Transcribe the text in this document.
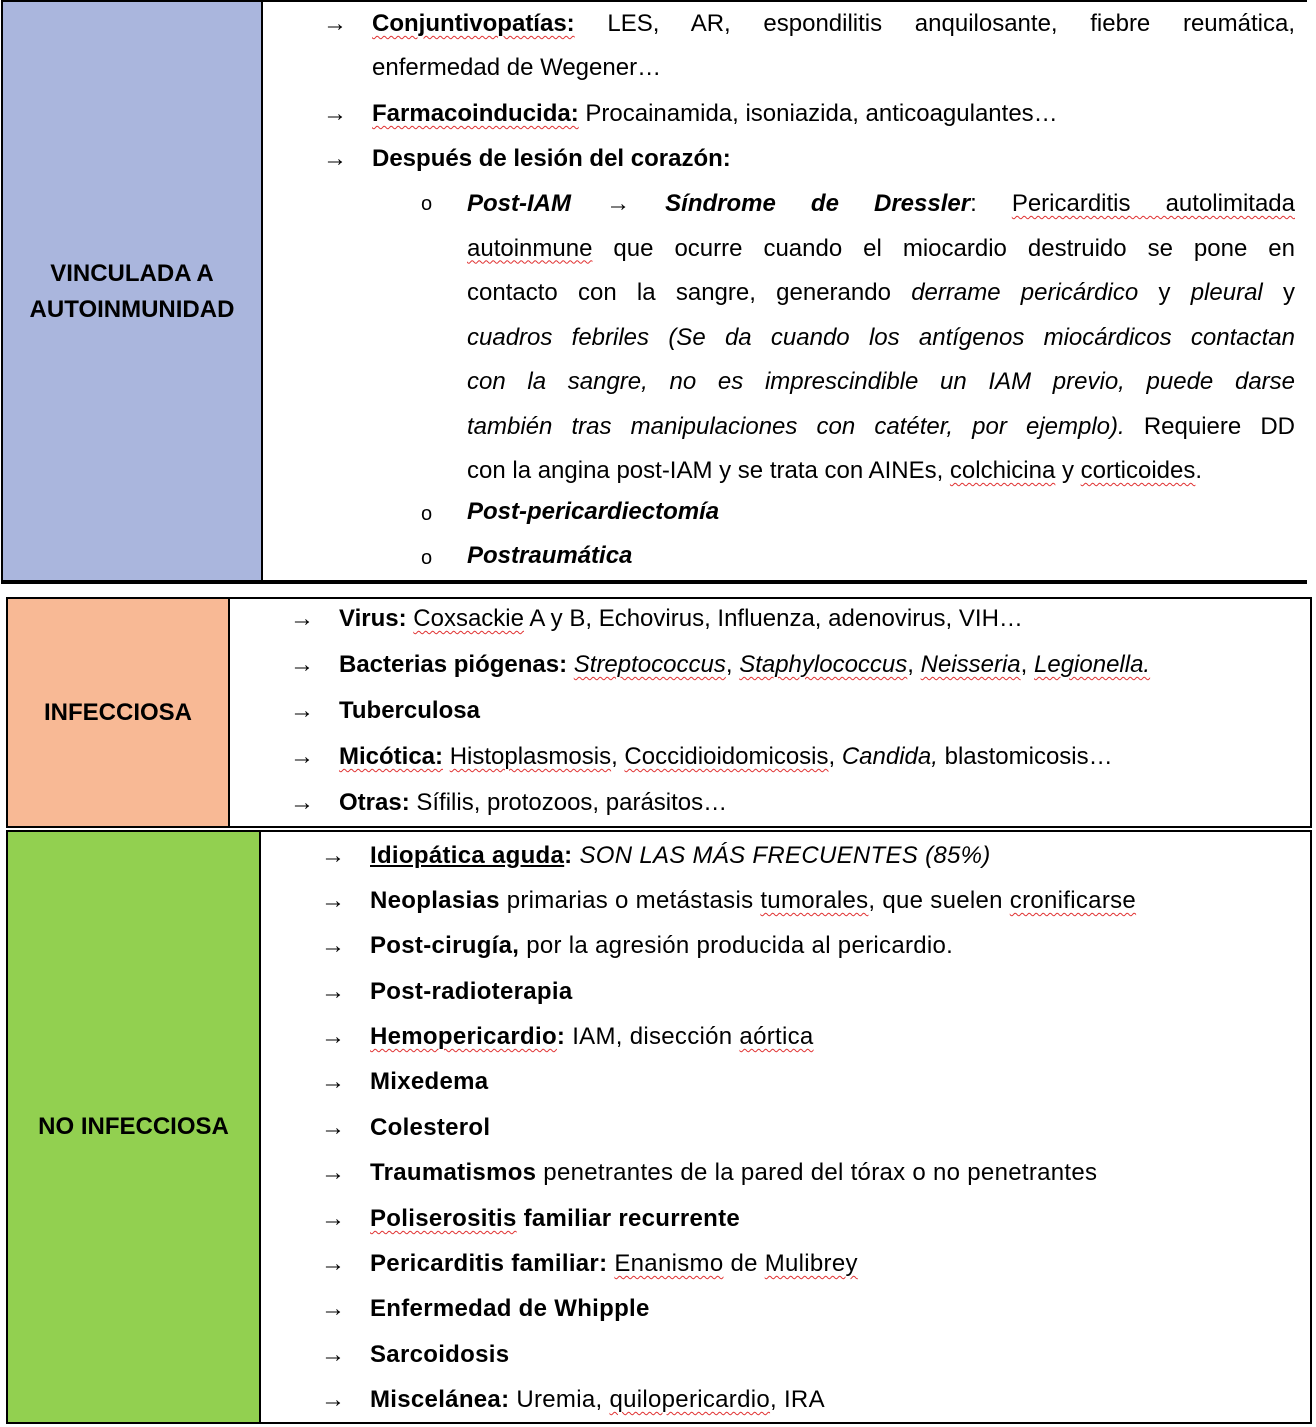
VINCULADA A AUTOINMUNIDAD
→ Conjuntivopatías: LES, AR, espondilitis anquilosante, fiebre reumática,
enfermedad de Wegener…
→ Farmacoinducida: Procainamida, isoniazida, anticoagulantes…
→ Después de lesión del corazón:
o Post-IAM → Síndrome de Dressler: Pericarditis autolimitada
autoinmune que ocurre cuando el miocardio destruido se pone en
contacto con la sangre, generando derrame pericárdico y pleural y
cuadros febriles (Se da cuando los antígenos miocárdicos contactan
con la sangre, no es imprescindible un IAM previo, puede darse
también tras manipulaciones con catéter, por ejemplo). Requiere DD
con la angina post-IAM y se trata con AINEs, colchicina y corticoides.
o Post-pericardiectomía
o Postraumática
INFECCIOSA
→ Virus: Coxsackie A y B, Echovirus, Influenza, adenovirus, VIH…
→ Bacterias piógenas: Streptococcus, Staphylococcus, Neisseria, Legionella.
→ Tuberculosa
→ Micótica: Histoplasmosis, Coccidioidomicosis, Candida, blastomicosis…
→ Otras: Sífilis, protozoos, parásitos…
NO INFECCIOSA
→ Idiopática aguda: SON LAS MÁS FRECUENTES (85%)
→ Neoplasias primarias o metástasis tumorales, que suelen cronificarse
→ Post-cirugía, por la agresión producida al pericardio.
→ Post-radioterapia
→ Hemopericardio: IAM, disección aórtica
→ Mixedema
→ Colesterol
→ Traumatismos penetrantes de la pared del tórax o no penetrantes
→ Poliserositis familiar recurrente
→ Pericarditis familiar: Enanismo de Mulibrey
→ Enfermedad de Whipple
→ Sarcoidosis
→ Miscelánea: Uremia, quilopericardio, IRA
